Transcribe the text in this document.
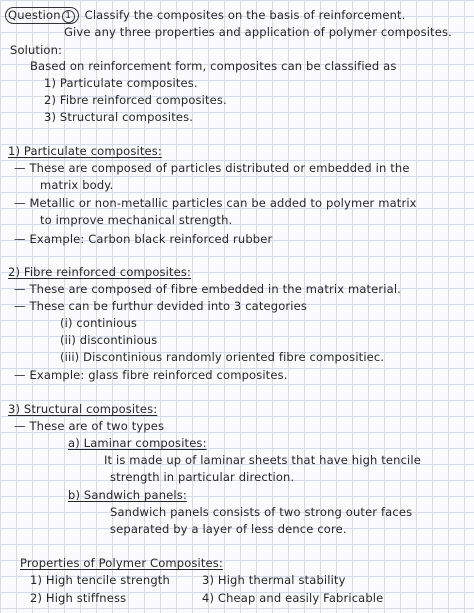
Question 1 Classify the composites on the basis of reinforcement.
Give any three properties and application of polymer composites.
Solution:
Based on reinforcement form, composites can be classified as
1) Particulate composites.
2) Fibre reinforced composites.
3) Structural composites.
1) Particulate composites:
— These are composed of particles distributed or embedded in the
matrix body.
— Metallic or non-metallic particles can be added to polymer matrix
to improve mechanical strength.
— Example: Carbon black reinforced rubber
2) Fibre reinforced composites:
— These are composed of fibre embedded in the matrix material.
— These can be furthur devided into 3 categories
(i) continious
(ii) discontinious
(iii) Discontinious randomly oriented fibre compositiec.
— Example: glass fibre reinforced composites.
3) Structural composites:
— These are of two types
a) Laminar composites:
It is made up of laminar sheets that have high tencile
strength in particular direction.
b) Sandwich panels:
Sandwich panels consists of two strong outer faces
separated by a layer of less dence core.
Properties of Polymer Composites:
1) High tencile strength	3) High thermal stability
2) High stiffness	4) Cheap and easily Fabricable
